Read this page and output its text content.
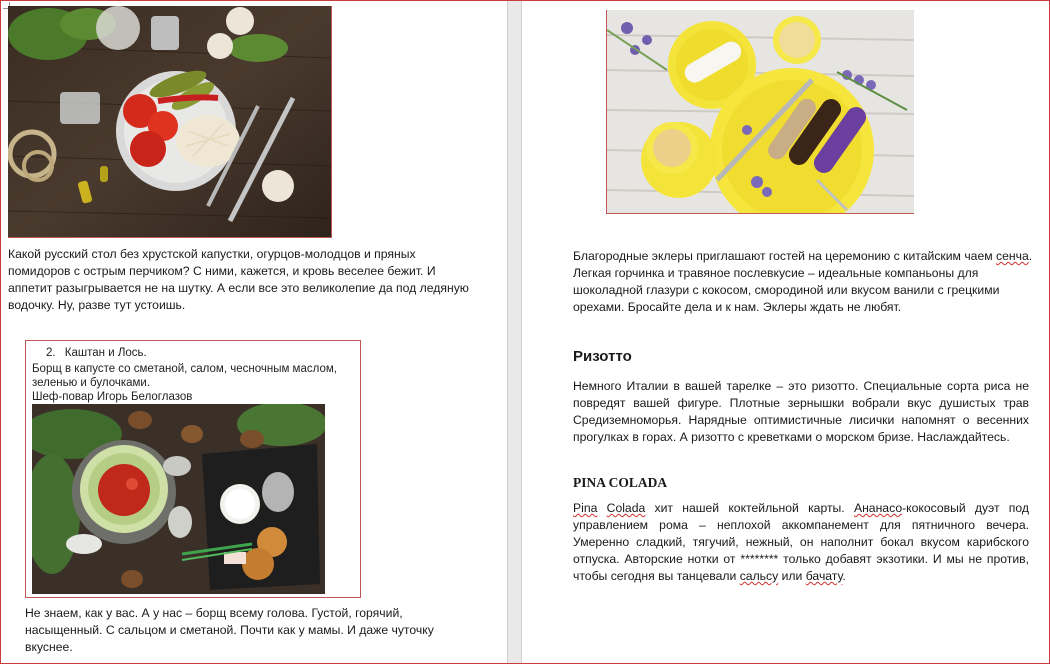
Какой русский стол без хрустской капустки, огурцов-молодцов и пряных помидоров с острым перчиком? С ними, кажется, и кровь веселее бежит. И аппетит разыгрывается не на шутку. А если все это великолепие да под ледяную водочку. Ну, разве тут устоишь.

2. Каштан и Лось.
Борщ в капусте со сметаной, салом, чесночным маслом, зеленью и булочками.
Шеф-повар Игорь Белоглазов

Не знаем, как у вас. А у нас – борщ всему голова. Густой, горячий, насыщенный. С сальцом и сметаной. Почти как у мамы. И даже чуточку вкуснее.

Благородные эклеры приглашают гостей на церемонию с китайским чаем сенча. Легкая горчинка и травяное послевкусие – идеальные компаньоны для шоколадной глазури с кокосом, смородиной или вкусом ванили с грецкими орехами. Бросайте дела и к нам. Эклеры ждать не любят.

Ризотто

Немного Италии в вашей тарелке – это ризотто. Специальные сорта риса не повредят вашей фигуре. Плотные зернышки вобрали вкус душистых трав Средиземноморья. Нарядные оптимистичные лисички напомнят о весенних прогулках в горах. А ризотто с креветками о морском бризе. Наслаждайтесь.

PINA COLADA

Pina Colada хит нашей коктейльной карты. Ананасо-кокосовый дуэт под управлением рома – неплохой аккомпанемент для пятничного вечера. Умеренно сладкий, тягучий, нежный, он наполнит бокал вкусом карибского отпуска. Авторские нотки от ******** только добавят экзотики. И мы не против, чтобы сегодня вы танцевали сальсу или бачату.
